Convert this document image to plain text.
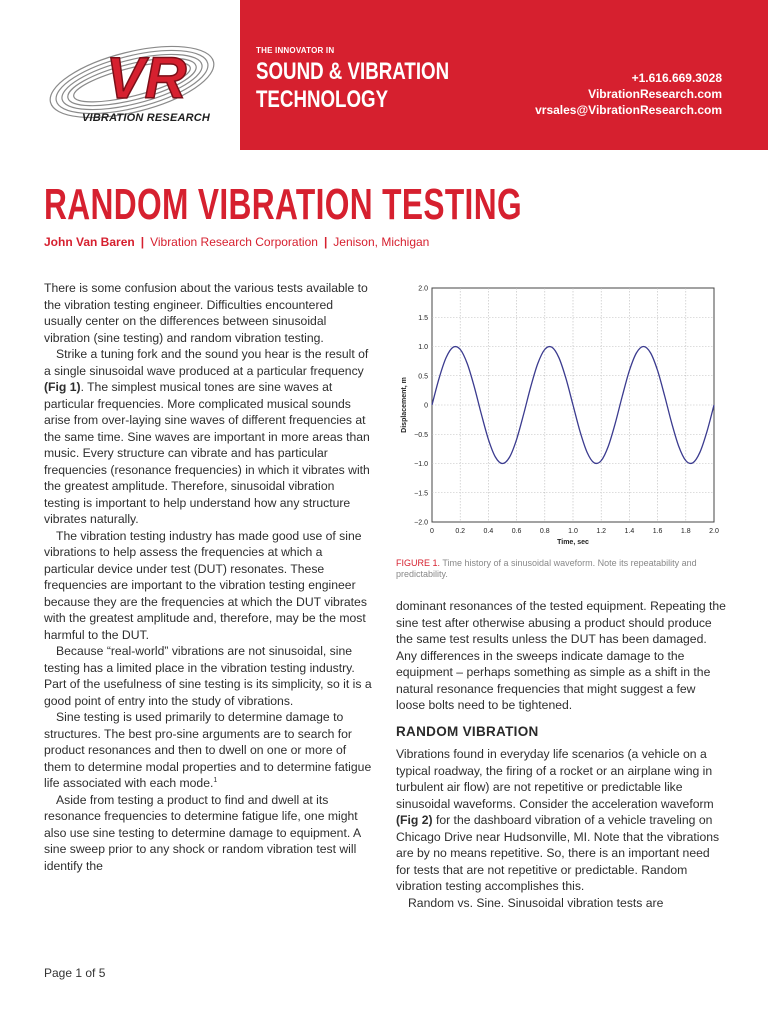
VR
VIBRATION RESEARCH
THE INNOVATOR IN
SOUND & VIBRATION
TECHNOLOGY
+1.616.669.3028
VibrationResearch.com
vrsales@VibrationResearch.com
RANDOM VIBRATION TESTING
John Van Baren | Vibration Research Corporation | Jenison, Michigan

There is some confusion about the various tests available to the vibration testing engineer. Difficulties encountered usually center on the differences between sinusoidal vibration (sine testing) and random vibration testing.

Strike a tuning fork and the sound you hear is the result of a single sinusoidal wave produced at a particular frequency (Fig 1). The simplest musical tones are sine waves at particular frequencies. More complicated musical sounds arise from over-laying sine waves of different frequencies at the same time. Sine waves are important in more areas than music. Every structure can vibrate and has particular frequencies (resonance frequencies) in which it vibrates with the greatest amplitude. Therefore, sinusoidal vibration testing is important to help understand how any structure vibrates naturally.

The vibration testing industry has made good use of sine vibrations to help assess the frequencies at which a particular device under test (DUT) resonates. These frequencies are important to the vibration testing engineer because they are the frequencies at which the DUT vibrates with the greatest amplitude and, therefore, may be the most harmful to the DUT.

Because “real-world” vibrations are not sinusoidal, sine testing has a limited place in the vibration testing industry. Part of the usefulness of sine testing is its simplicity, so it is a good point of entry into the study of vibrations.

Sine testing is used primarily to determine damage to structures. The best pro-sine arguments are to search for product resonances and then to dwell on one or more of them to determine modal properties and to determine fatigue life associated with each mode.$^1$

Aside from testing a product to find and dwell at its resonance frequencies to determine fatigue life, one might also use sine testing to determine damage to equipment. A sine sweep prior to any shock or random vibration test will identify the

0	0.2	0.4	0.6	0.8	1.0	1.2	1.4	1.6	1.8	2.0
2.0
1.5
1.0
0.5
0
−0.5
−1.0
−1.5
−2.0
Time, sec
Displacement, m
FIGURE 1. Time history of a sinusoidal waveform. Note its repeatability and predictability.

dominant resonances of the tested equipment. Repeating the sine test after otherwise abusing a product should produce the same test results unless the DUT has been damaged. Any differences in the sweeps indicate damage to the equipment – perhaps something as simple as a shift in the natural resonance frequencies that might suggest a few loose bolts need to be tightened.

RANDOM VIBRATION

Vibrations found in everyday life scenarios (a vehicle on a typical roadway, the firing of a rocket or an airplane wing in turbulent air flow) are not repetitive or predictable like sinusoidal waveforms. Consider the acceleration waveform (Fig 2) for the dashboard vibration of a vehicle traveling on Chicago Drive near Hudsonville, MI. Note that the vibrations are by no means repetitive. So, there is an important need for tests that are not repetitive or predictable. Random vibration testing accomplishes this.

Random vs. Sine. Sinusoidal vibration tests are

Page 1 of 5
